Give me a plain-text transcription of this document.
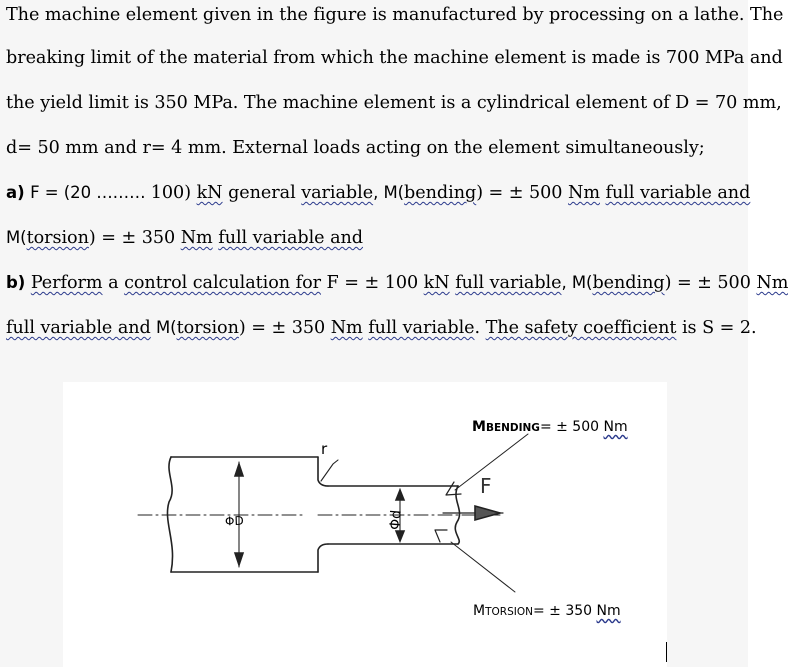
The machine element given in the figure is manufactured by processing on a lathe. The
breaking limit of the material from which the machine element is made is 700 MPa and
the yield limit is 350 MPa. The machine element is a cylindrical element of D = 70 mm,
d= 50 mm and r= 4 mm. External loads acting on the element simultaneously;
a) F = (20 ……… 100) kN general variable, M(bending) = ± 500 Nm full variable and
M(torsion) = ± 350 Nm full variable and
b) Perform a control calculation for F = ± 100 kN full variable, M(bending) = ± 500 Nm
full variable and M(torsion) = ± 350 Nm full variable. The safety coefficient is S = 2.
r
F
ΦD	Φd
MBENDING= ± 500 Nm
MTORSION= ± 350 Nm
